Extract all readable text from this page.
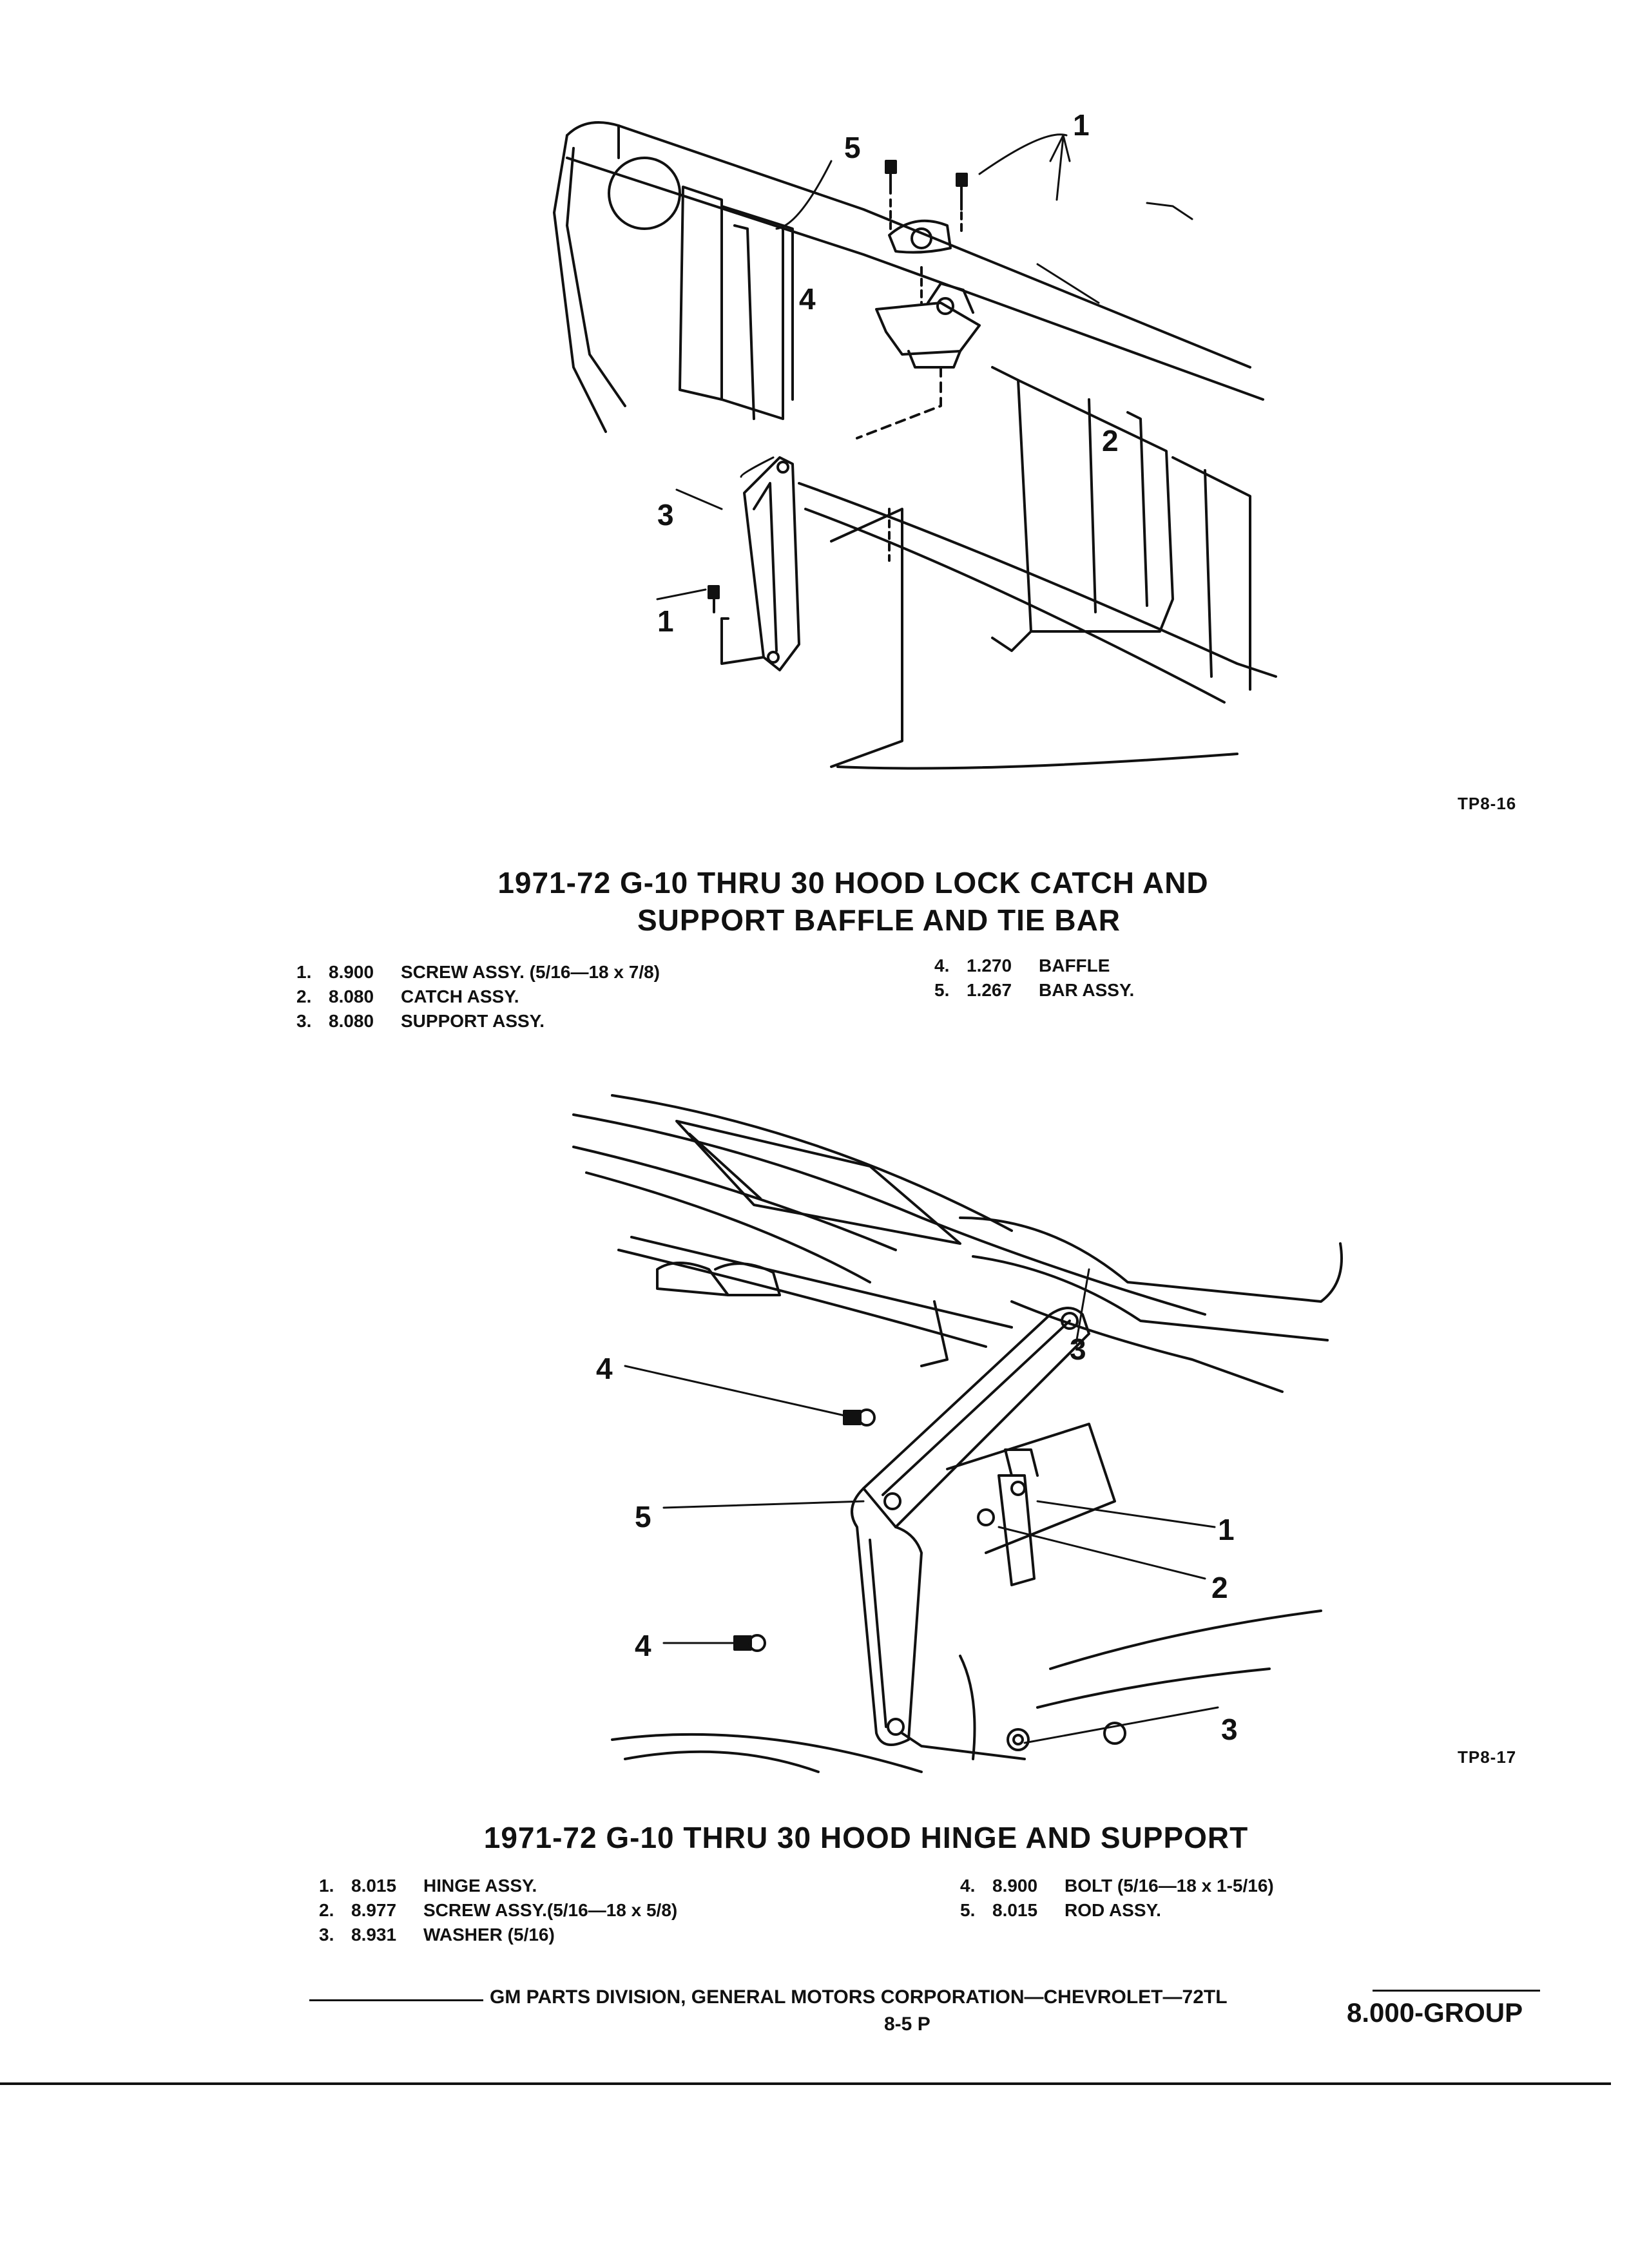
5
1
4
2
3
1
TP8-16
1971-72 G-10 THRU 30 HOOD LOCK CATCH AND
SUPPORT BAFFLE AND TIE BAR
1. 8.900	SCREW ASSY. (5/16—18 x 7/8)
2. 8.080	CATCH ASSY.
3. 8.080	SUPPORT ASSY.
4. 1.270	BAFFLE
5. 1.267	BAR ASSY.
3
4
5	1
4
2
3
TP8-17
1971-72 G-10 THRU 30 HOOD HINGE AND SUPPORT
1. 8.015	HINGE ASSY.
2. 8.977	SCREW ASSY.(5/16—18 x 5/8)
3. 8.931	WASHER (5/16)
4. 8.900	BOLT (5/16—18 x 1-5/16)
5. 8.015	ROD ASSY.
GM PARTS DIVISION, GENERAL MOTORS CORPORATION—CHEVROLET—72TL
8-5 P	8.000-GROUP
